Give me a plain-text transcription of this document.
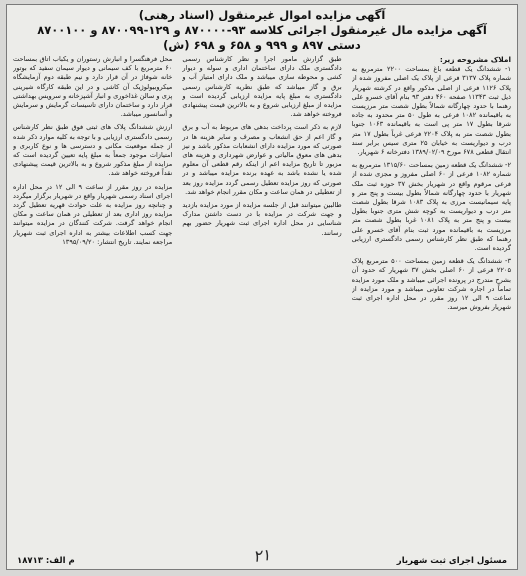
آگهی مزایده اموال غیرمنقول (اسناد رهنی)
آگهی مزایده مال غیرمنقول اجرائی کلاسه ۹۳-۸۷۰۰۰۰ و ۱۲۹-۸۷۰۰۹۹ و ۸۷۰۰۱۰۰
دستی ۸۹۷ و ۹۹۹ و ۶۵۸ و ۶۹۸ (ش)

املاک مشروحه زیر:

۱- ششدانگ یک قطعه باغ بمساحت ۲۲۰۰ مترمربع به شماره پلاک ۳۱۳۷ فرعی از پلاک یک اصلی مفروز شده از پلاک ۱۱۲۶ فرعی از اصلی مذکور واقع در کرشته شهریار ذیل ثبت ۱۱۳۴۳ صفحه ۴۶۰ دفتر ۹۳ بنام آقای خسرو علی رهنما با حدود چهارگانه شمالاً بطول شصت متر مرزیست به باقیمانده ۱۰۸۲ فرعی به طول ۵۰ متر محدود به جاده شرقا بطول ۱۷ متر پی است به باقیمانده ۱۰۶۳ جنوبا بطول شصت متر به پلاک ۲۲۰۴ فرعی غرباً بطول ۱۷ متر درب و دیواریست به خیابان ۲۵ متری سیس برابر سند انتقال قطعی ۶۷۸ مورخ ۱۳۸۹/۰۲/۰۹ دفترخانه ۶ شهریار.

۲- ششدانگ یک قطعه زمین بمساحت ۱۳۱۵/۶۰ مترمربع به شماره ۱۰۸۲ فرعی از ۶۰ اصلی مفروز و مجزی شده از فرعی مرقوم واقع در شهریار بخش ۳۷ حوزه ثبت ملک شهریار با حدود چهارگانه شمالاً بطول بیست و پنج متر و پایه سیمانیست مرزی به پلاک ۱۰۸۳ شرقا بطول شصت متر درب و دیواریست به کوچه شش متری جنوبا بطول بیست و پنج متر به پلاک ۱۰۸۱ غربا بطول شصت متر مرزیست به باقیمانده مورد ثبت بنام آقای خسرو علی رهنما که طبق نظر کارشناس رسمی دادگستری ارزیابی گردیده است.

۳- ششدانگ یک قطعه زمین بمساحت ۵۰۰ مترمربع پلاک ۲۲۰۵ فرعی از ۶۰ اصلی بخش ۳۷ شهریار که حدود آن بشرح مندرج در پرونده اجرائی میباشد و ملک مورد مزایده تماماً در اجاره شرکت تعاونی میباشد و مورد مزایده از ساعت ۹ الی ۱۲ روز مقرر در محل اداره اجرای ثبت شهریار بفروش میرسد.

طبق گزارش مامور اجرا و نظر کارشناس رسمی دادگستری ملک دارای ساختمان اداری و سوله و دیوار کشی و محوطه سازی میباشد و ملک دارای امتیاز آب و برق و گاز میباشد که طبق نظریه کارشناس رسمی دادگستری به مبلغ پایه مزایده ارزیابی گردیده است و مزایده از مبلغ ارزیابی شروع و به بالاترین قیمت پیشنهادی فروخته خواهد شد.

لازم به ذکر است پرداخت بدهی های مربوط به آب و برق و گاز اعم از حق انشعاب و مصرف و سایر هزینه ها در صورتی که مورد مزایده دارای انشعابات مذکور باشد و نیز بدهی های معوق مالیاتی و عوارض شهرداری و هزینه های مزبور تا تاریخ مزایده اعم از اینکه رقم قطعی آن معلوم شده یا نشده باشد به عهده برنده مزایده میباشد و در صورتی که روز مزایده تعطیل رسمی گردد مزایده روز بعد از تعطیلی در همان ساعت و مکان مقرر انجام خواهد شد.

طالبین میتوانند قبل از جلسه مزایده از مورد مزایده بازدید و جهت شرکت در مزایده با در دست داشتن مدارک شناسایی در محل اداره اجرای ثبت شهریار حضور بهم رسانند.

محل فرهنگسرا و انبارش رستوران و یکباب اتاق بمساحت ۶۰ مترمربع با کف سیمانی و دیوار سیمان سفید که بوتور خانه شوفاژ در آن قرار دارد و نیم طبقه دوم آزمایشگاه میکروبیولوژیک آن کاشی و در این طبقه کارگاه شیرینی پزی و سالن غذاخوری و انبار آشپزخانه و سرویس بهداشتی قرار دارد و ساختمان دارای تاسیسات گرمایش و سرمایش و آسانسور میباشد.

ارزش ششدانگ پلاک های ثبتی فوق طبق نظر کارشناس رسمی دادگستری ارزیابی و با توجه به کلیه موارد ذکر شده از جمله موقعیت مکانی و دسترسی ها و نوع کاربری و امتیازات موجود جمعاً به مبلغ پایه تعیین گردیده است که مزایده از مبلغ مذکور شروع و به بالاترین قیمت پیشنهادی نقداً فروخته خواهد شد.

مزایده در روز مقرر از ساعت ۹ الی ۱۲ در محل اداره اجرای اسناد رسمی شهریار واقع در شهریار برگزار میگردد و چنانچه روز مزایده به علت حوادث قهریه تعطیل گردد مزایده روز اداری بعد از تعطیلی در همان ساعت و مکان انجام خواهد گرفت. شرکت کنندگان در مزایده میتوانند جهت کسب اطلاعات بیشتر به اداره اجرای ثبت شهریار مراجعه نمایند. تاریخ انتشار: ۱۳۹۵/۰۹/۲۰

مسئول اجرای ثبت شهریار
م الف: ۱۸۷۱۳	۲۱
